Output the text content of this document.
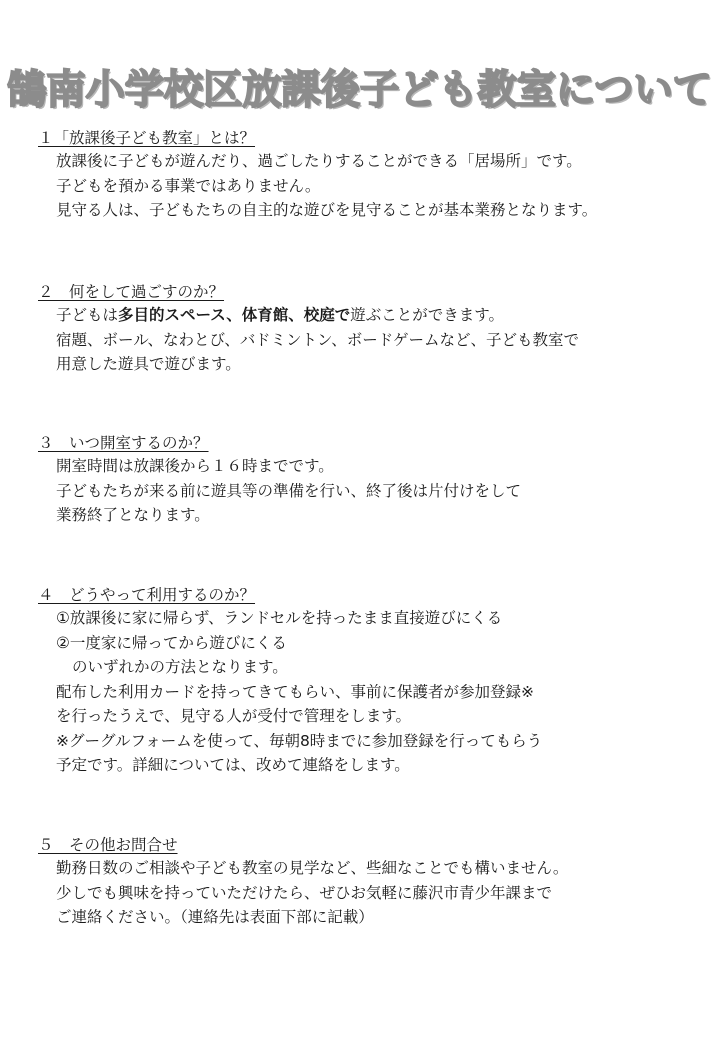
鵠南小学校区放課後子ども教室について
１「放課後子ども教室」とは？
放課後に子どもが遊んだり、過ごしたりすることができる「居場所」です。
子どもを預かる事業ではありません。
見守る人は、子どもたちの自主的な遊びを見守ることが基本業務となります。
２　何をして過ごすのか？
子どもは多目的スペース、体育館、校庭で遊ぶことができます。
宿題、ボール、なわとび、バドミントン、ボードゲームなど、子ども教室で
用意した遊具で遊びます。
３　いつ開室するのか？
開室時間は放課後から１６時までです。
子どもたちが来る前に遊具等の準備を行い、終了後は片付けをして
業務終了となります。
４　どうやって利用するのか？
①放課後に家に帰らず、ランドセルを持ったまま直接遊びにくる
②一度家に帰ってから遊びにくる
のいずれかの方法となります。
配布した利用カードを持ってきてもらい、事前に保護者が参加登録※
を行ったうえで、見守る人が受付で管理をします。
※グーグルフォームを使って、毎朝8時までに参加登録を行ってもらう
予定です。詳細については、改めて連絡をします。
５　その他お問合せ
勤務日数のご相談や子ども教室の見学など、些細なことでも構いません。
少しでも興味を持っていただけたら、ぜひお気軽に藤沢市青少年課まで
ご連絡ください。（連絡先は表面下部に記載）
